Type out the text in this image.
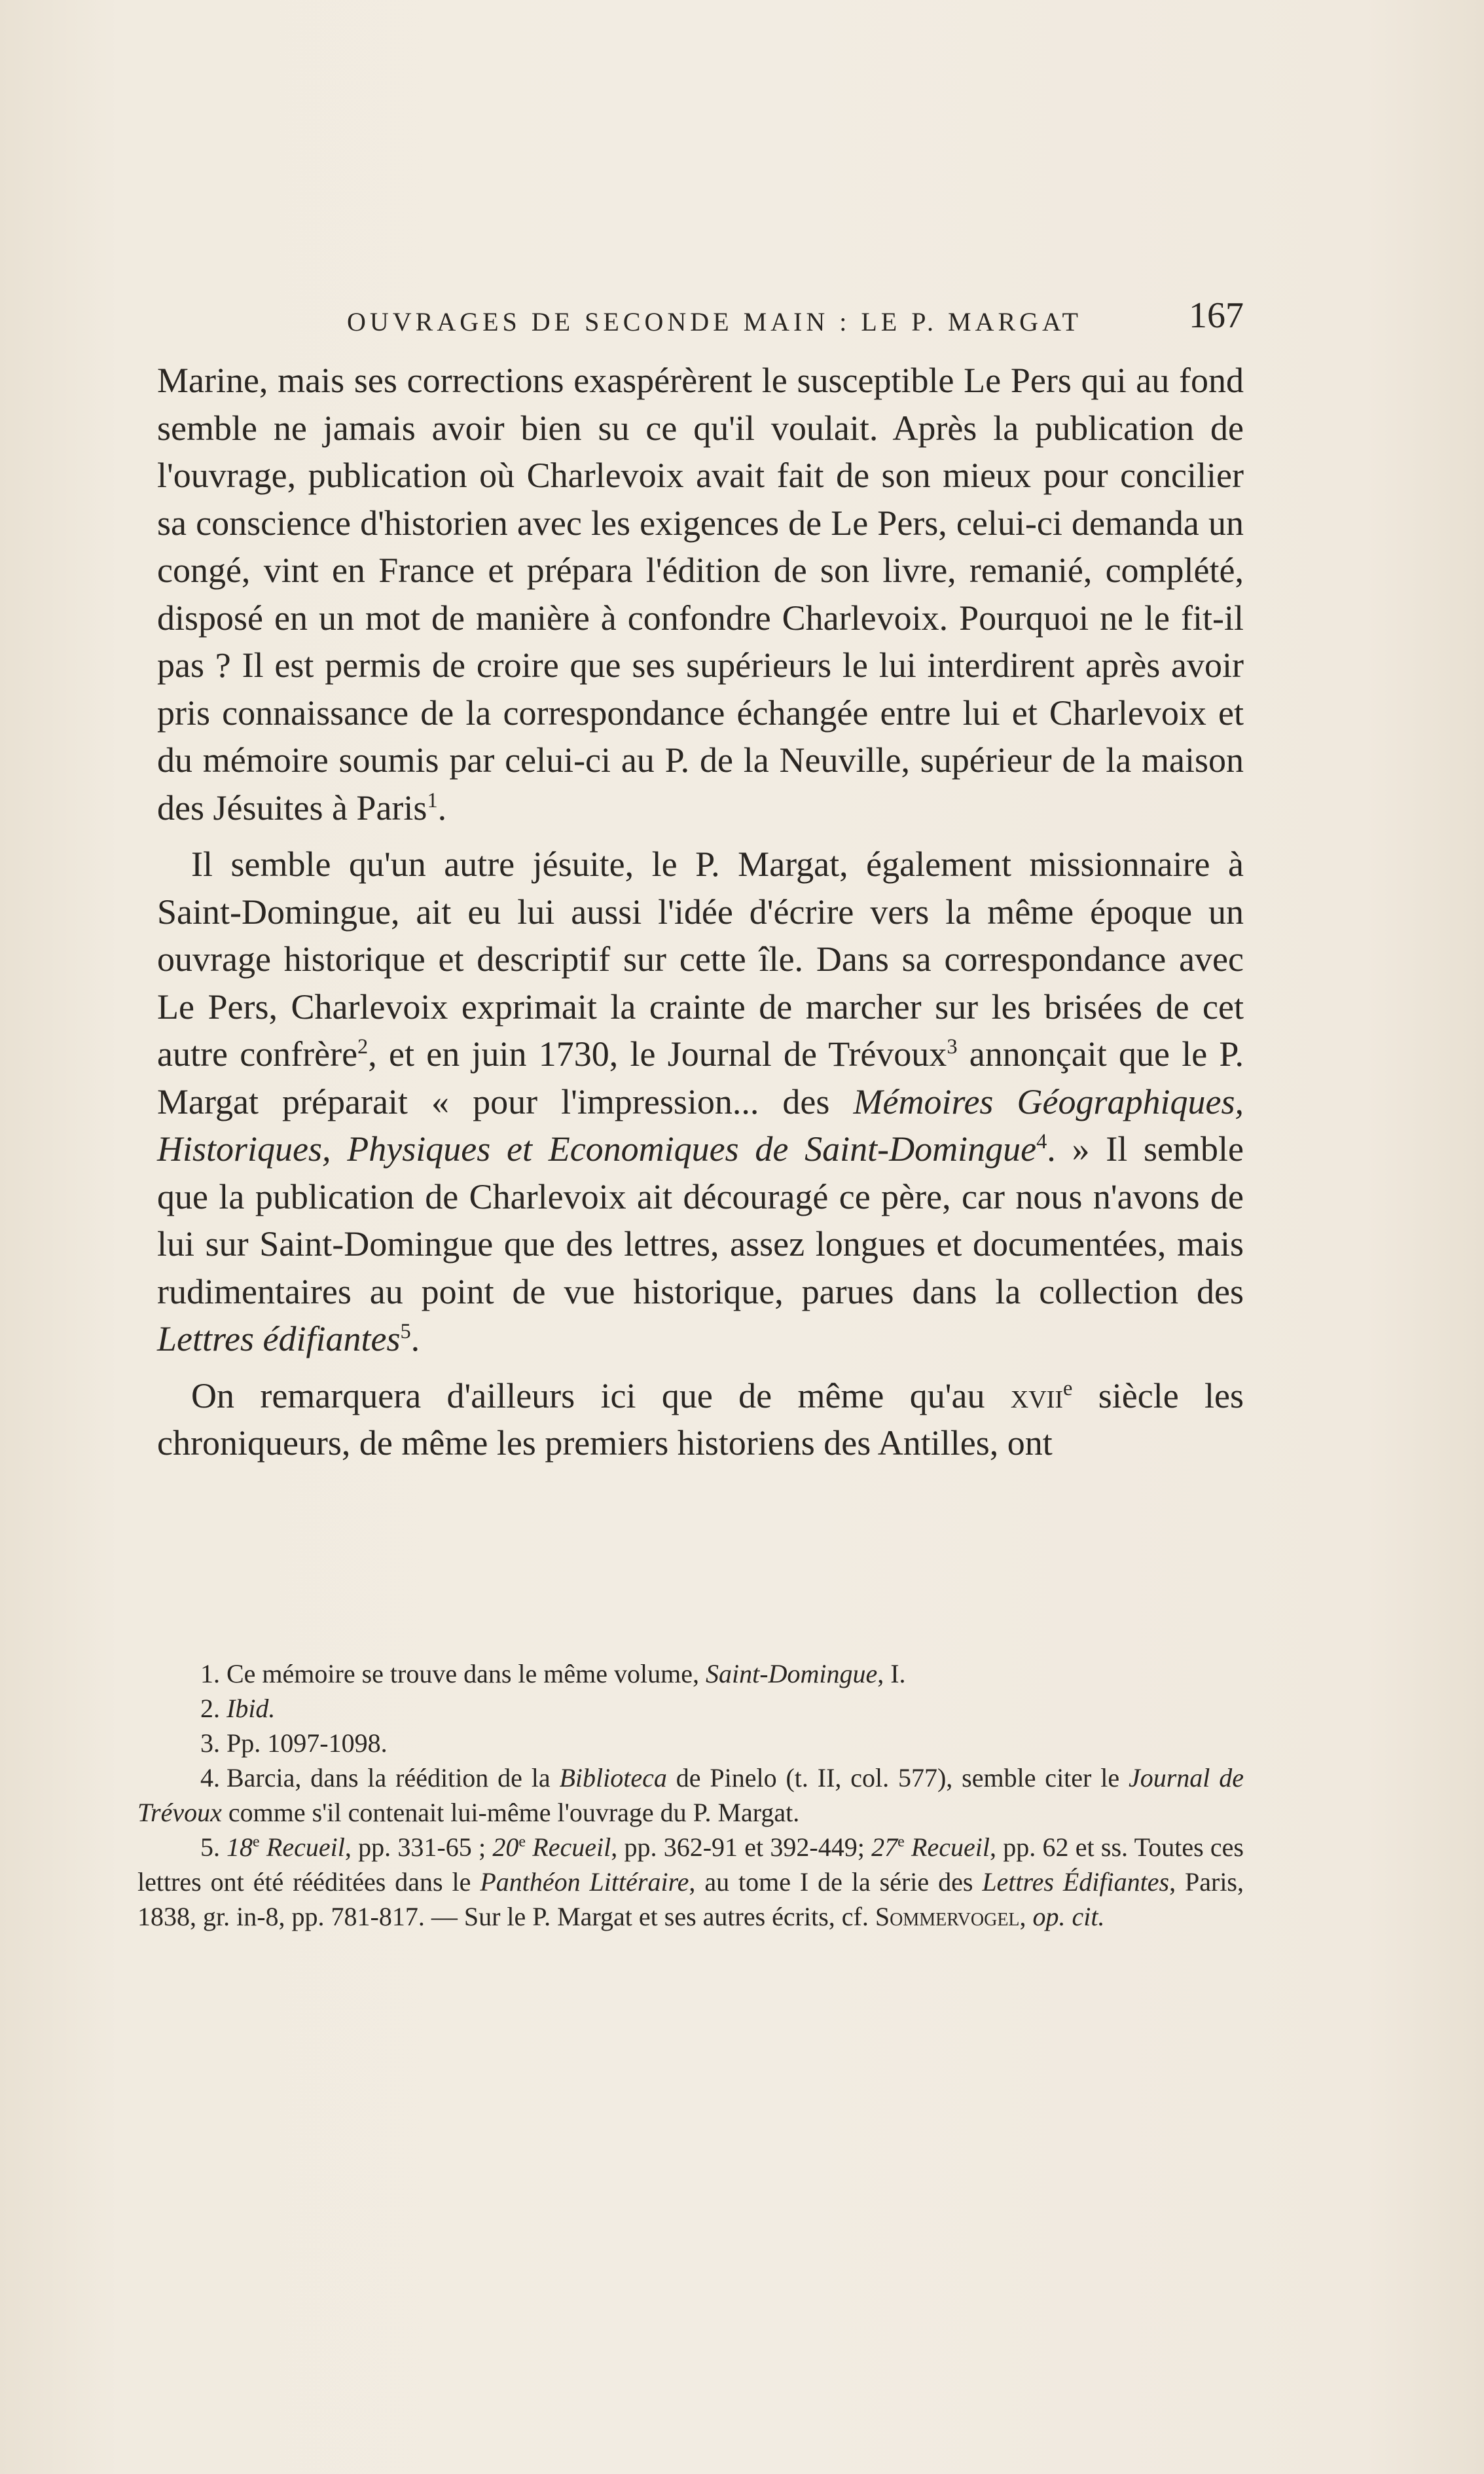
OUVRAGES DE SECONDE MAIN : LE P. MARGAT	167

Marine, mais ses corrections exaspérèrent le susceptible Le Pers qui au fond semble ne jamais avoir bien su ce qu'il voulait. Après la publication de l'ouvrage, publication où Charlevoix avait fait de son mieux pour concilier sa conscience d'historien avec les exigences de Le Pers, celui-ci demanda un congé, vint en France et prépara l'édition de son livre, remanié, complété, disposé en un mot de manière à confondre Charlevoix. Pourquoi ne le fit-il pas ? Il est permis de croire que ses supérieurs le lui interdirent après avoir pris connaissance de la correspondance échangée entre lui et Charlevoix et du mémoire soumis par celui-ci au P. de la Neuville, supérieur de la maison des Jésuites à Paris$^1$.

Il semble qu'un autre jésuite, le P. Margat, également missionnaire à Saint-Domingue, ait eu lui aussi l'idée d'écrire vers la même époque un ouvrage historique et descriptif sur cette île. Dans sa correspondance avec Le Pers, Charlevoix exprimait la crainte de marcher sur les brisées de cet autre confrère$^2$, et en juin 1730, le Journal de Trévoux$^3$ annonçait que le P. Margat préparait « pour l'impression... des Mémoires Géographiques, Historiques, Physiques et Economiques de Saint-Domingue$^4$. » Il semble que la publication de Charlevoix ait découragé ce père, car nous n'avons de lui sur Saint-Domingue que des lettres, assez longues et documentées, mais rudimentaires au point de vue historique, parues dans la collection des Lettres édifiantes$^5$.

On remarquera d'ailleurs ici que de même qu'au xvii$^e$ siècle les chroniqueurs, de même les premiers historiens des Antilles, ont

1. Ce mémoire se trouve dans le même volume, Saint-Domingue, I.

2. Ibid.

3. Pp. 1097-1098.

4. Barcia, dans la réédition de la Biblioteca de Pinelo (t. II, col. 577), semble citer le Journal de Trévoux comme s'il contenait lui-même l'ouvrage du P. Margat.

5. 18e Recueil, pp. 331-65 ; 20e Recueil, pp. 362-91 et 392-449; 27e Recueil, pp. 62 et ss. Toutes ces lettres ont été rééditées dans le Panthéon Littéraire, au tome I de la série des Lettres Édifiantes, Paris, 1838, gr. in-8, pp. 781-817. — Sur le P. Margat et ses autres écrits, cf. Sommervogel, op. cit.
